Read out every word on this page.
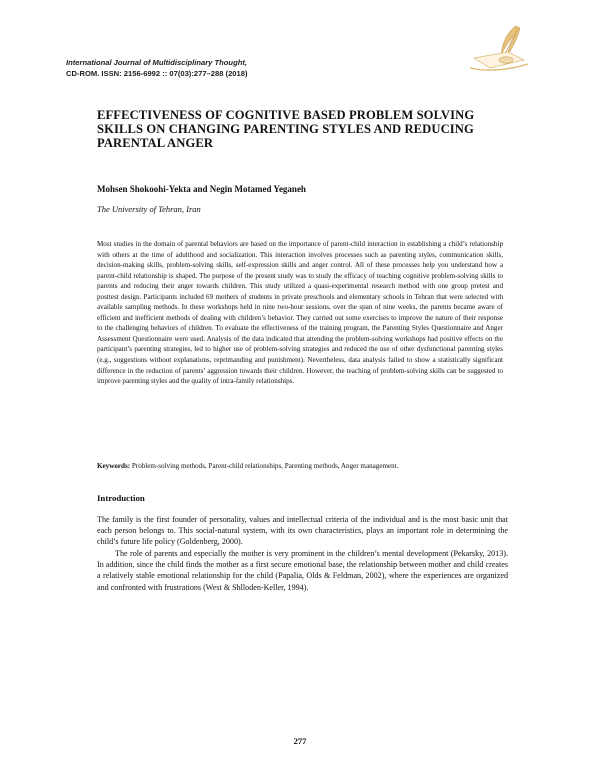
International Journal of Multidisciplinary Thought,
CD-ROM. ISSN: 2156-6992 :: 07(03):277–288 (2018)
EFFECTIVENESS OF COGNITIVE BASED PROBLEM SOLVING SKILLS ON CHANGING PARENTING STYLES AND REDUCING PARENTAL ANGER
Mohsen Shokoohi-Yekta and Negin Motamed Yeganeh
The University of Tehran, Iran

Most studies in the domain of parental behaviors are based on the importance of parent-child interaction in establishing a child’s relationship with others at the time of adulthood and socialization. This interaction involves processes such as parenting styles, communication skills, decision-making skills, problem-solving skills, self-expression skills and anger control. All of these processes help you understand how a parent-child relationship is shaped. The purpose of the present study was to study the efficacy of teaching cognitive problem-solving skills to parents and reducing their anger towards children. This study utilized a quasi-experimental research method with one group pretest and posttest design. Participants included 69 mothers of students in private preschools and elementary schools in Tehran that were selected with available sampling methods. In these workshops held in nine two-hour sessions, over the span of nine weeks, the parents became aware of efficient and inefficient methods of dealing with children’s behavior. They carried out some exercises to improve the nature of their response to the challenging behaviors of children. To evaluate the effectiveness of the training program, the Parenting Styles Questionnaire and Anger Assessment Questionnaire were used. Analysis of the data indicated that attending the problem-solving workshops had positive effects on the participant’s parenting strategies, led to higher use of problem-solving strategies and reduced the use of other dysfunctional parenting styles (e.g., suggestions without explanations, reprimanding and punishment). Nevertheless, data analysis failed to show a statistically significant difference in the reduction of parents’ aggression towards their children. However, the teaching of problem-solving skills can be suggested to improve parenting styles and the quality of intra-family relationships.

Keywords: Problem-solving methods, Parent-child relationships, Parenting methods, Anger management.

Introduction

The family is the first founder of personality, values and intellectual criteria of the individual and is the most basic unit that each person belongs to. This social-natural system, with its own characteristics, plays an important role in determining the child’s future life policy (Goldenberg, 2000).

The role of parents and especially the mother is very prominent in the children’s mental development (Pekarsky, 2013). In addition, since the child finds the mother as a first secure emotional base, the relationship between mother and child creates a relatively stable emotional relationship for the child (Papalia, Olds & Feldman, 2002), where the experiences are organized and confronted with frustrations (West & Shlloden-Keller, 1994).

277
